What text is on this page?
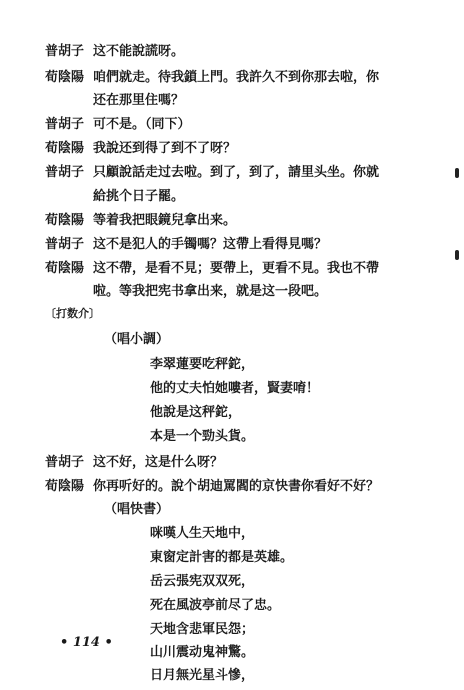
普胡子 这不能說謊呀。
荀陰陽 咱們就走。待我鎖上門。我許久不到你那去啦，你
还在那里住嗎？
普胡子 可不是。（同下）
荀陰陽 我說还到得了到不了呀？
普胡子 只顧說話走过去啦。到了，到了，請里头坐。你就
給挑个日子罷。
荀陰陽 等着我把眼鏡兒拿出来。
普胡子 这不是犯人的手镯嗎？这帶上看得見嗎？
荀陰陽 这不帶，是看不見；要帶上，更看不見。我也不帶
啦。等我把宪书拿出来，就是这一段吧。
〔打数介〕
（唱小調）
李翠蓮要吃秤鉈，
他的丈夫怕她嘍者，賢妻唷！
他說是这秤鉈，
本是一个勁头貨。
普胡子 这不好，这是什么呀？
荀陰陽 你再听好的。說个胡迪罵閻的京快書你看好不好？
（唱快書）
咪嘆人生天地中，
東窗定計害的都是英雄。
岳云張宪双双死，
死在風波亭前尽了忠。
天地含悲軍民怨；
山川震动鬼神驚。
日月無光星斗慘，
• 114 •
